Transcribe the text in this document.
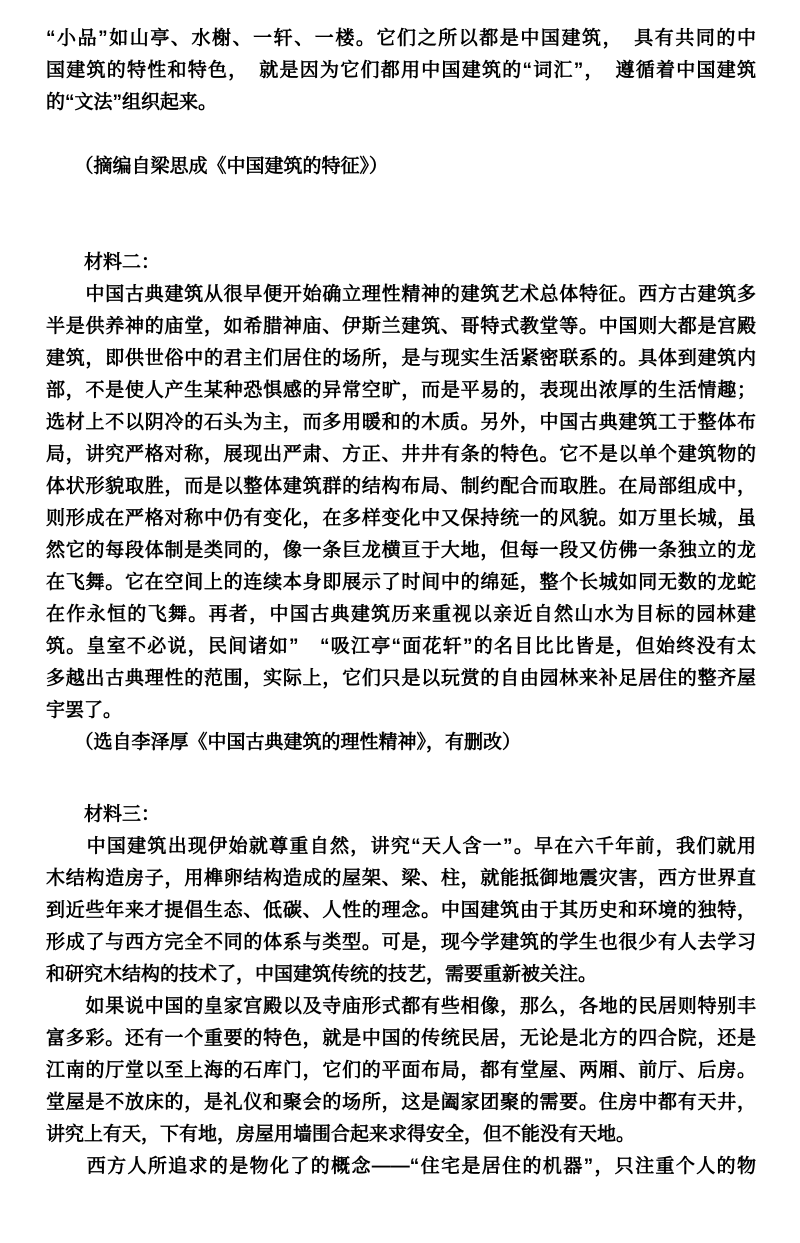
“小品”如山亭、水榭、一轩、一楼。它们之所以都是中国建筑，　具有共同的中
国建筑的特性和特色，　就是因为它们都用中国建筑的“词汇”，　遵循着中国建筑
的“文法”组织起来。
　　（摘编自梁思成《中国建筑的特征》）
　　材料二：
　　中国古典建筑从很早便开始确立理性精神的建筑艺术总体特征。西方古建筑多
半是供养神的庙堂，如希腊神庙、伊斯兰建筑、哥特式教堂等。中国则大都是宫殿
建筑，即供世俗中的君主们居住的场所，是与现实生活紧密联系的。具体到建筑内
部，不是使人产生某种恐惧感的异常空旷，而是平易的，表现出浓厚的生活情趣；
选材上不以阴冷的石头为主，而多用暖和的木质。另外，中国古典建筑工于整体布
局，讲究严格对称，展现出严肃、方正、井井有条的特色。它不是以单个建筑物的
体状形貌取胜，而是以整体建筑群的结构布局、制约配合而取胜。在局部组成中，
则形成在严格对称中仍有变化，在多样变化中又保持统一的风貌。如万里长城，虽
然它的每段体制是类同的，像一条巨龙横亘于大地，但每一段又仿佛一条独立的龙
在飞舞。它在空间上的连续本身即展示了时间中的绵延，整个长城如同无数的龙蛇
在作永恒的飞舞。再者，中国古典建筑历来重视以亲近自然山水为目标的园林建
筑。皇室不必说，民间诸如”　“吸江亭“面花轩”的名目比比皆是，但始终没有太
多越出古典理性的范围，实际上，它们只是以玩赏的自由园林来补足居住的整齐屋
宇罢了。
　　（选自李泽厚《中国古典建筑的理性精神》，有删改）
　　材料三：
　　中国建筑出现伊始就尊重自然，讲究“天人含一”。早在六千年前，我们就用
木结构造房子，用榫卵结构造成的屋架、梁、柱，就能抵御地震灾害，西方世界直
到近些年来才提倡生态、低碳、人性的理念。中国建筑由于其历史和环境的独特，
形成了与西方完全不同的体系与类型。可是，现今学建筑的学生也很少有人去学习
和研究木结构的技术了，中国建筑传统的技艺，需要重新被关注。
　　如果说中国的皇家宫殿以及寺庙形式都有些相像，那么，各地的民居则特别丰
富多彩。还有一个重要的特色，就是中国的传统民居，无论是北方的四合院，还是
江南的厅堂以至上海的石库门，它们的平面布局，都有堂屋、两厢、前厅、后房。
堂屋是不放床的，是礼仪和聚会的场所，这是阖家团聚的需要。住房中都有天井，
讲究上有天，下有地，房屋用墙围合起来求得安全，但不能没有天地。
　　西方人所追求的是物化了的概念——“住宅是居住的机器”，只注重个人的物
